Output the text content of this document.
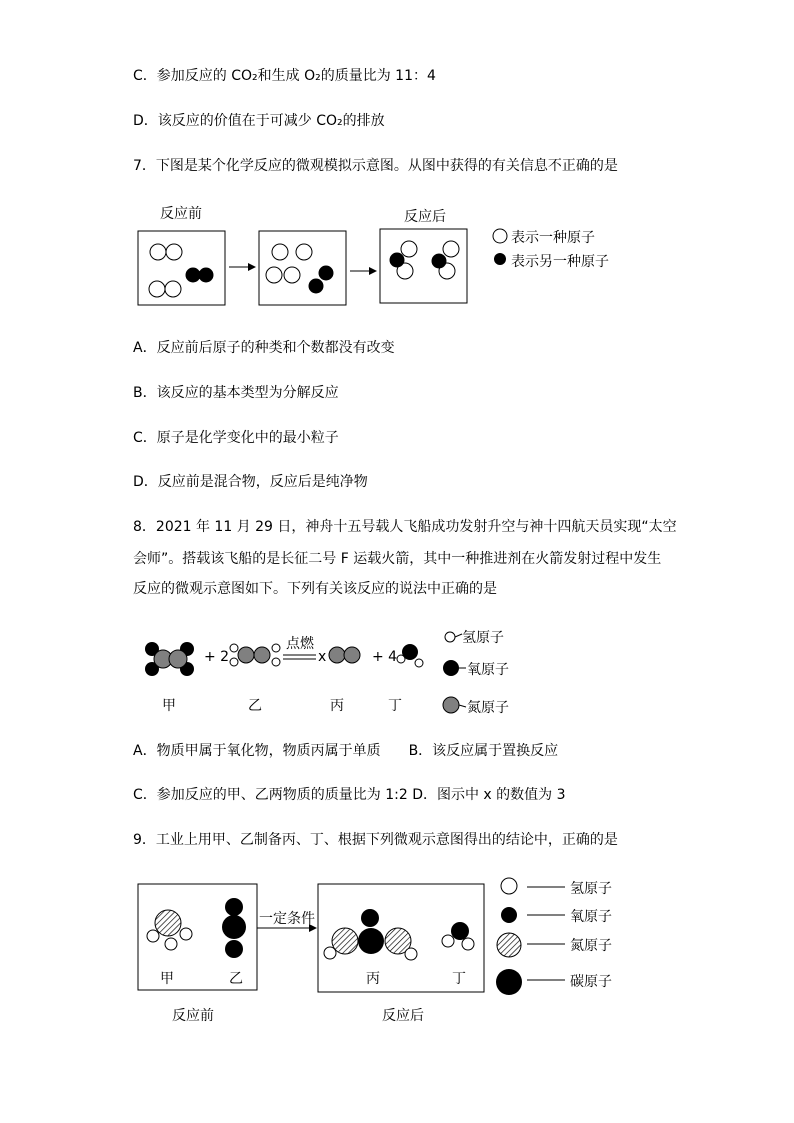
C．参加反应的 CO₂和生成 O₂的质量比为 11：4
D．该反应的价值在于可减少 CO₂的排放
7．下图是某个化学反应的微观模拟示意图。从图中获得的有关信息不正确的是
反应前	反应后
表示一种原子
表示另一种原子
A．反应前后原子的种类和个数都没有改变
B．该反应的基本类型为分解反应
C．原子是化学变化中的最小粒子
D．反应前是混合物，反应后是纯净物
8．2021 年 11 月 29 日，神舟十五号载人飞船成功发射升空与神十四航天员实现“太空
会师”。搭载该飞船的是长征二号 F 运载火箭，其中一种推进剂在火箭发射过程中发生
反应的微观示意图如下。下列有关该反应的说法中正确的是
+ 2
点燃
x	+ 4
甲	乙	丙	丁
氢原子
氧原子
氮原子
A．物质甲属于氧化物，物质丙属于单质　　B．该反应属于置换反应
C．参加反应的甲、乙两物质的质量比为 1:2 D．图示中 x 的数值为 3
9．工业上用甲、乙制备丙、丁、根据下列微观示意图得出的结论中，正确的是
一定条件
甲	乙	丙	丁
反应前	反应后
氢原子
氧原子
氮原子
碳原子
